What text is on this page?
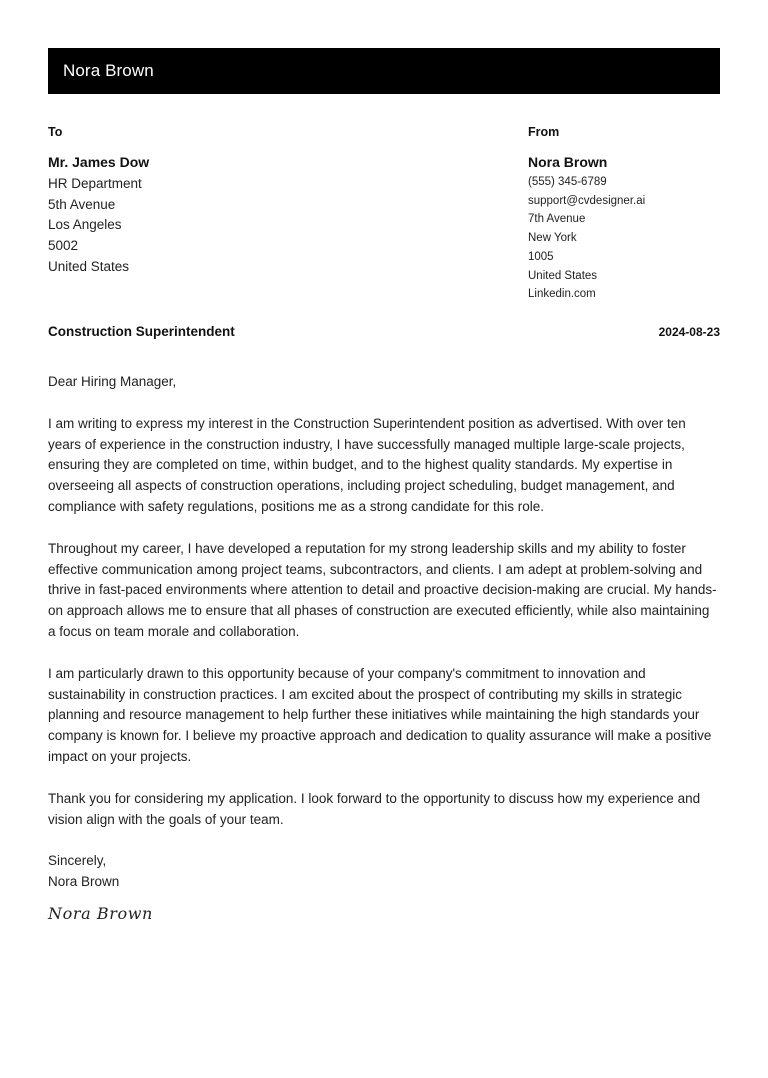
Nora Brown
To
Mr. James Dow
HR Department
5th Avenue
Los Angeles
5002
United States
From
Nora Brown
(555) 345-6789
support@cvdesigner.ai
7th Avenue
New York
1005
United States
Linkedin.com
Construction Superintendent	2024-08-23

Dear Hiring Manager,

I am writing to express my interest in the Construction Superintendent position as advertised. With over ten years of experience in the construction industry, I have successfully managed multiple large-scale projects, ensuring they are completed on time, within budget, and to the highest quality standards. My expertise in overseeing all aspects of construction operations, including project scheduling, budget management, and compliance with safety regulations, positions me as a strong candidate for this role.

Throughout my career, I have developed a reputation for my strong leadership skills and my ability to foster effective communication among project teams, subcontractors, and clients. I am adept at problem-solving and thrive in fast-paced environments where attention to detail and proactive decision-making are crucial. My hands-on approach allows me to ensure that all phases of construction are executed efficiently, while also maintaining a focus on team morale and collaboration.

I am particularly drawn to this opportunity because of your company's commitment to innovation and sustainability in construction practices. I am excited about the prospect of contributing my skills in strategic planning and resource management to help further these initiatives while maintaining the high standards your company is known for. I believe my proactive approach and dedication to quality assurance will make a positive impact on your projects.

Thank you for considering my application. I look forward to the opportunity to discuss how my experience and vision align with the goals of your team.

Sincerely,
Nora Brown
Nora Brown
